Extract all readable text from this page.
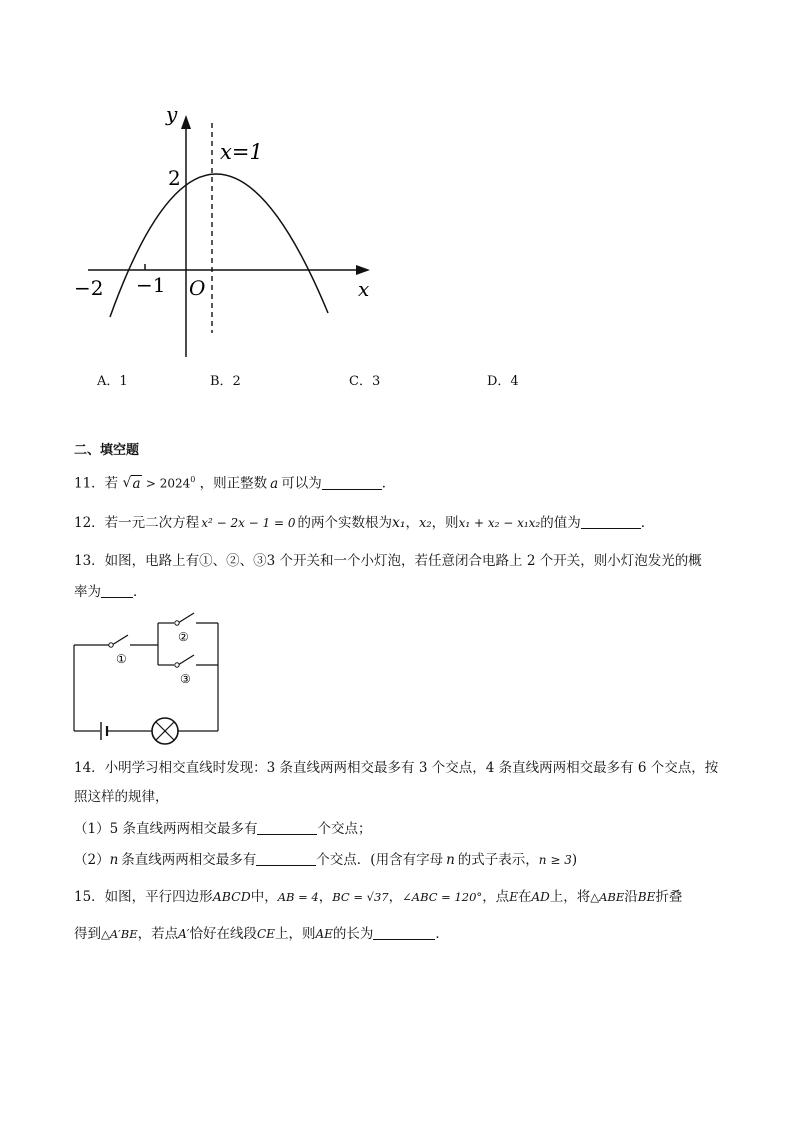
y
x
x=1
2
−2 −1 O
A．1	B．2	C．3	D．4
二、填空题
11．若 √ $a > 2024^0$ ，则正整数 a 可以为	．
12．若一元二次方程 x² − 2x − 1 = 0 的两个实数根为x₁，x₂，则x₁ + x₂ − x₁x₂的值为	．
13．如图，电路上有①、②、③3 个开关和一个小灯泡，若任意闭合电路上 2 个开关，则小灯泡发光的概
率为 ．
①
②
③
14．小明学习相交直线时发现：3 条直线两两相交最多有 3 个交点，4 条直线两两相交最多有 6 个交点，按
照这样的规律，
（1）5 条直线两两相交最多有	个交点；
（2）n 条直线两两相交最多有	个交点．(用含有字母 n 的式子表示，n ≥ 3)
15．如图，平行四边形ABCD中，AB = 4，BC = √37，∠ABC = 120°，点E在AD上，将△ABE沿BE折叠
得到△A′BE，若点A′恰好在线段CE上，则AE的长为	．
